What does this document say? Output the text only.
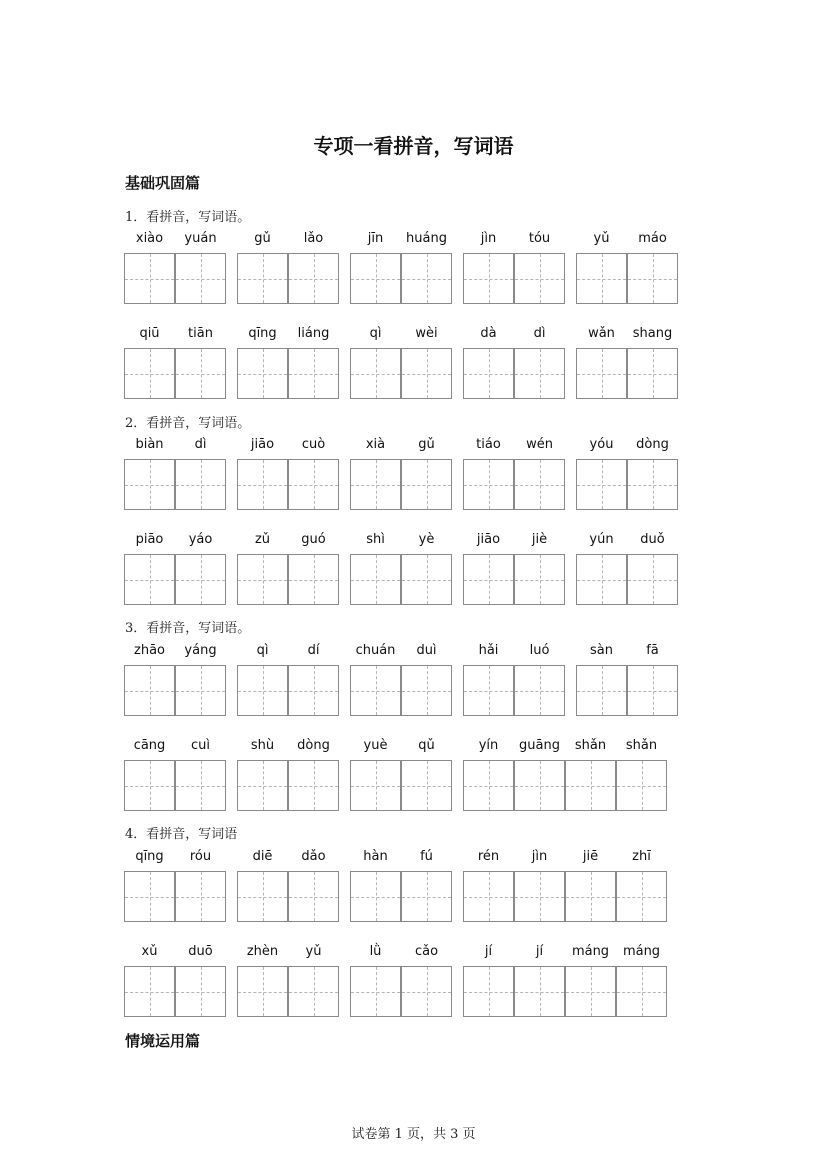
专项一看拼音，写词语
基础巩固篇
1．看拼音，写词语。
2．看拼音，写词语。
3．看拼音，写词语。
4．看拼音，写词语
xiào	yuán	gǔ	lǎo	jīn	huáng	jìn	tóu	yǔ	máo
qiū	tiān	qīng	liáng	qì	wèi	dà	dì	wǎn	shang
biàn	dì	jiāo	cuò	xià	gǔ	tiáo	wén	yóu	dòng
piāo	yáo	zǔ	guó	shì	yè	jiāo	jiè	yún	duǒ
zhāo	yáng	qì	dí	chuán	duì	hǎi	luó	sàn	fā
cāng	cuì	shù	dòng	yuè	qǔ	yín	guāng	shǎn	shǎn
qīng	róu	diē	dǎo	hàn	fú	rén	jìn	jiē	zhī
xǔ	duō	zhèn	yǔ	lǜ	cǎo	jí	jí	máng	máng
情境运用篇
试卷第 1 页，共 3 页
